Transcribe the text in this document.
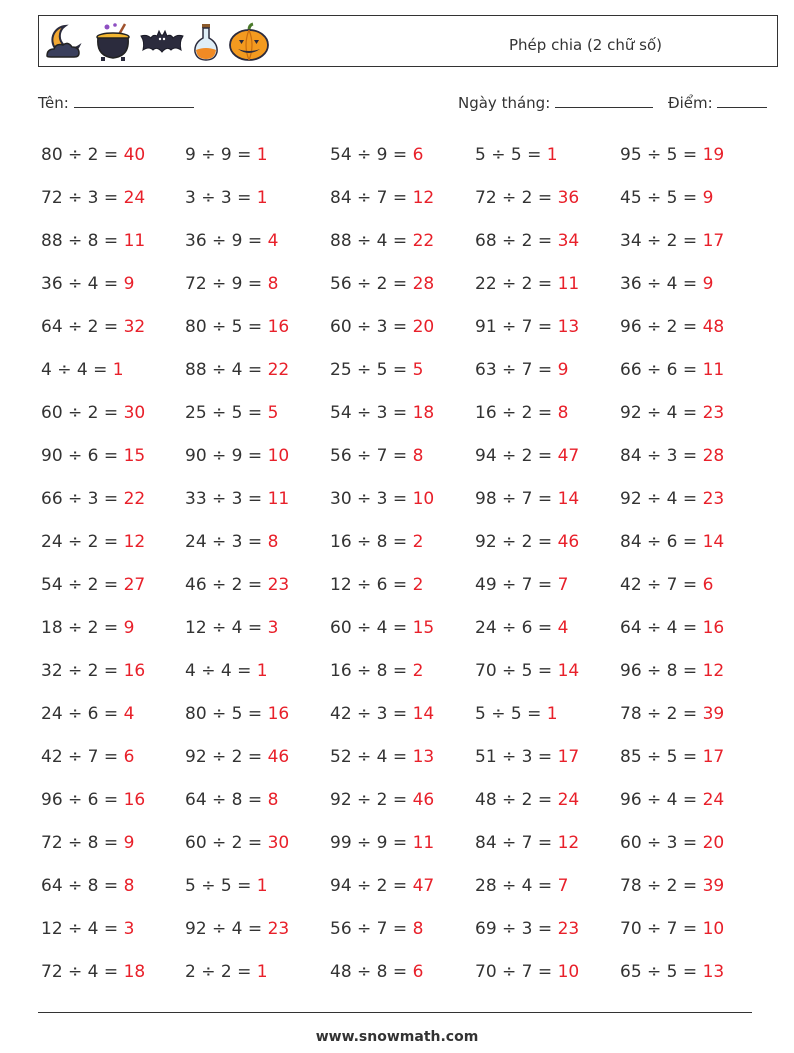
Phép chia (2 chữ số)
Tên:	Ngày tháng:	Điểm:
80 ÷ 2 = 40	9 ÷ 9 = 1	54 ÷ 9 = 6	5 ÷ 5 = 1	95 ÷ 5 = 19
72 ÷ 3 = 24	3 ÷ 3 = 1	84 ÷ 7 = 12	72 ÷ 2 = 36	45 ÷ 5 = 9
88 ÷ 8 = 11	36 ÷ 9 = 4	88 ÷ 4 = 22	68 ÷ 2 = 34	34 ÷ 2 = 17
36 ÷ 4 = 9	72 ÷ 9 = 8	56 ÷ 2 = 28	22 ÷ 2 = 11	36 ÷ 4 = 9
64 ÷ 2 = 32	80 ÷ 5 = 16	60 ÷ 3 = 20	91 ÷ 7 = 13	96 ÷ 2 = 48
4 ÷ 4 = 1	88 ÷ 4 = 22	25 ÷ 5 = 5	63 ÷ 7 = 9	66 ÷ 6 = 11
60 ÷ 2 = 30	25 ÷ 5 = 5	54 ÷ 3 = 18	16 ÷ 2 = 8	92 ÷ 4 = 23
90 ÷ 6 = 15	90 ÷ 9 = 10	56 ÷ 7 = 8	94 ÷ 2 = 47	84 ÷ 3 = 28
66 ÷ 3 = 22	33 ÷ 3 = 11	30 ÷ 3 = 10	98 ÷ 7 = 14	92 ÷ 4 = 23
24 ÷ 2 = 12	24 ÷ 3 = 8	16 ÷ 8 = 2	92 ÷ 2 = 46	84 ÷ 6 = 14
54 ÷ 2 = 27	46 ÷ 2 = 23	12 ÷ 6 = 2	49 ÷ 7 = 7	42 ÷ 7 = 6
18 ÷ 2 = 9	12 ÷ 4 = 3	60 ÷ 4 = 15	24 ÷ 6 = 4	64 ÷ 4 = 16
32 ÷ 2 = 16	4 ÷ 4 = 1	16 ÷ 8 = 2	70 ÷ 5 = 14	96 ÷ 8 = 12
24 ÷ 6 = 4	80 ÷ 5 = 16	42 ÷ 3 = 14	5 ÷ 5 = 1	78 ÷ 2 = 39
42 ÷ 7 = 6	92 ÷ 2 = 46	52 ÷ 4 = 13	51 ÷ 3 = 17	85 ÷ 5 = 17
96 ÷ 6 = 16	64 ÷ 8 = 8	92 ÷ 2 = 46	48 ÷ 2 = 24	96 ÷ 4 = 24
72 ÷ 8 = 9	60 ÷ 2 = 30	99 ÷ 9 = 11	84 ÷ 7 = 12	60 ÷ 3 = 20
64 ÷ 8 = 8	5 ÷ 5 = 1	94 ÷ 2 = 47	28 ÷ 4 = 7	78 ÷ 2 = 39
12 ÷ 4 = 3	92 ÷ 4 = 23	56 ÷ 7 = 8	69 ÷ 3 = 23	70 ÷ 7 = 10
72 ÷ 4 = 18	2 ÷ 2 = 1	48 ÷ 8 = 6	70 ÷ 7 = 10	65 ÷ 5 = 13
www.snowmath.com
